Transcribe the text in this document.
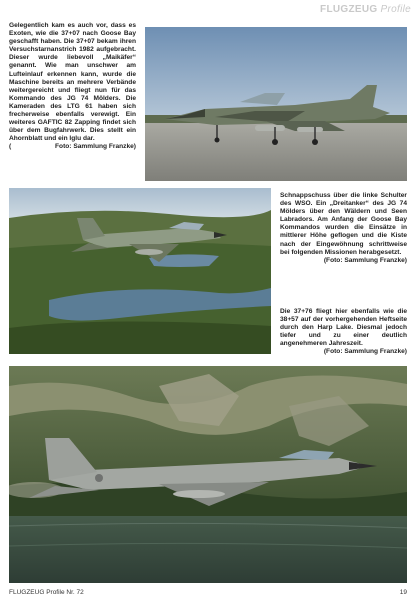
FLUGZEUG Profile
Gelegentlich kam es auch vor, dass es Exoten, wie die 37+07 nach Goose Bay geschafft haben. Die 37+07 bekam ihren Versuchstarnanstrich 1982 aufgebracht. Dieser wurde liebevoll „Maikäfer“ genannt. Wie man unschwer am Lufteinlauf erkennen kann, wurde die Maschine bereits an mehrere Verbände weitergereicht und fliegt nun für das Kommando des JG 74 Mölders. Die Kameraden des LTG 61 haben sich frecherweise ebenfalls verewigt. Ein weiteres GAFTIC 82 Zapping findet sich über dem Bugfahrwerk. Dies stellt ein Ahornblatt und ein Iglu dar.
(	Foto: Sammlung Franzke)
Schnappschuss über die linke Schulter des WSO. Ein „Dreitanker“ des JG 74 Mölders über den Wäldern und Seen Labradors. Am Anfang der Goose Bay Kommandos wurden die Einsätze in mittlerer Höhe geflogen und die Kiste nach der Eingewöhnung schrittweise bei folgenden Missionen herabgesetzt.
(Foto: Sammlung Franzke)
Die 37+76 fliegt hier ebenfalls wie die 38+57 auf der vorhergehenden Heftseite durch den Harp Lake. Diesmal jedoch tiefer und zu einer deutlich angenehmeren Jahreszeit.
(Foto: Sammlung Franzke)
FLUGZEUG Profile Nr. 72	19
